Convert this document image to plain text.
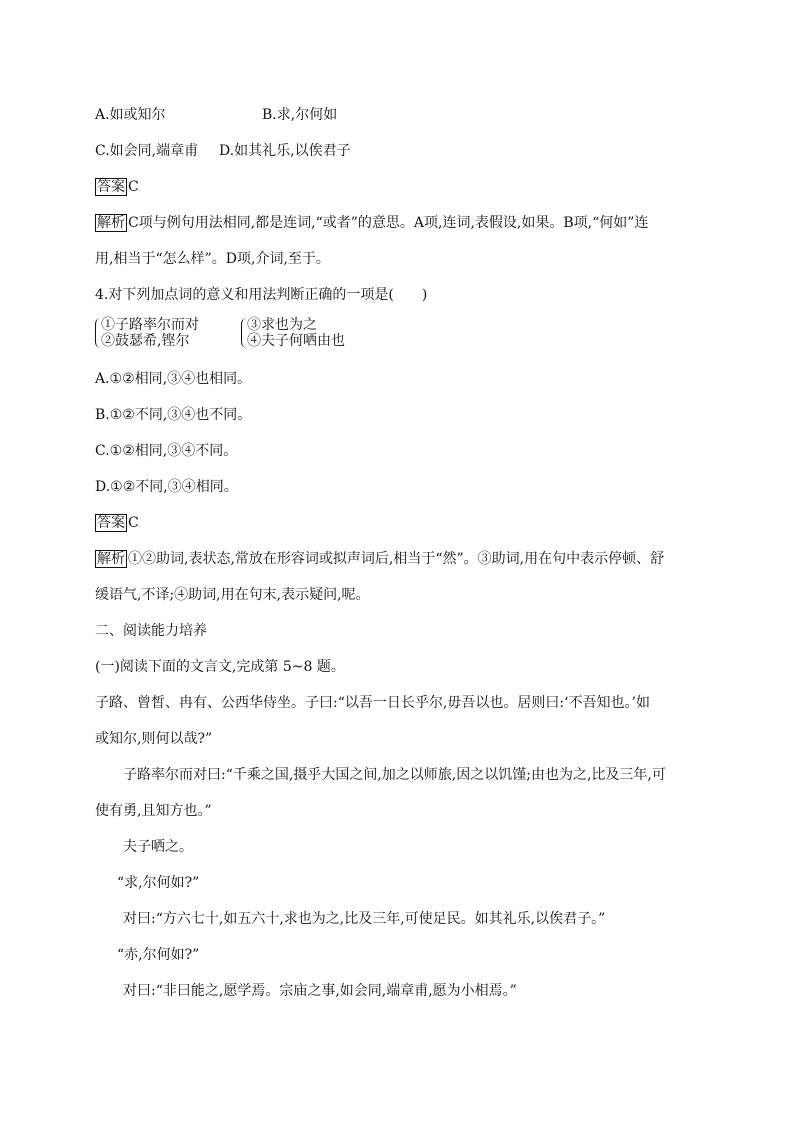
A.如或知尔	B.求,尔何如
C.如会同,端章甫 D.如其礼乐,以俟君子
答案 C
解析 C项与例句用法相同,都是连词,“或者”的意思。A项,连词,表假设,如果。B项,“何如”连
用,相当于“怎么样”。D项,介词,至于。
4.对下列加点词的意义和用法判断正确的一项是(　　)
①子路率尔而对
②鼓瑟希,铿尔
③求也为之
④夫子何哂由也
A.①②相同,③④也相同。
B.①②不同,③④也不同。
C.①②相同,③④不同。
D.①②不同,③④相同。
答案 C
解析 ①②助词,表状态,常放在形容词或拟声词后,相当于“然”。③助词,用在句中表示停顿、舒
缓语气,不译;④助词,用在句末,表示疑问,呢。
二、阅读能力培养
(一)阅读下面的文言文,完成第 5~8 题。
子路、曾皙、冉有、公西华侍坐。子曰:“以吾一日长乎尔,毋吾以也。居则曰:‘不吾知也。’如
或知尔,则何以哉?”
子路率尔而对曰:“千乘之国,摄乎大国之间,加之以师旅,因之以饥馑;由也为之,比及三年,可
使有勇,且知方也。”
夫子哂之。
“求,尔何如?”
对曰:“方六七十,如五六十,求也为之,比及三年,可使足民。如其礼乐,以俟君子。”
“赤,尔何如?”
对曰:“非曰能之,愿学焉。宗庙之事,如会同,端章甫,愿为小相焉。”
